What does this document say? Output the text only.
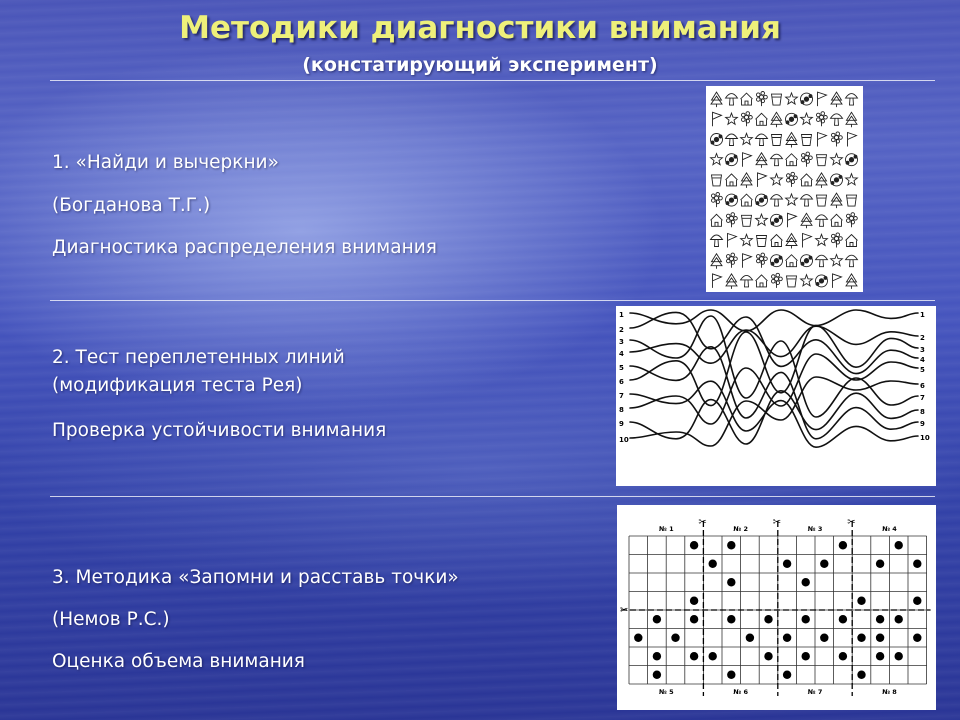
Методики диагностики внимания
(констатирующий эксперимент)
1. «Найди и вычеркни»
(Богданова Т.Г.)
Диагностика распределения внимания
2. Тест переплетенных линий
(модификация теста Рея)
Проверка устойчивости внимания
3. Методика «Запомни и расставь точки»
(Немов Р.С.)
Оценка объема внимания
1
2
3
4
5
6
7
8
9
10
1
2
3
4
5
6
7
8
9
10
✂	✂	✂
✂
№ 1	№ 2	№ 3	№ 4
№ 5	№ 6	№ 7	№ 8
